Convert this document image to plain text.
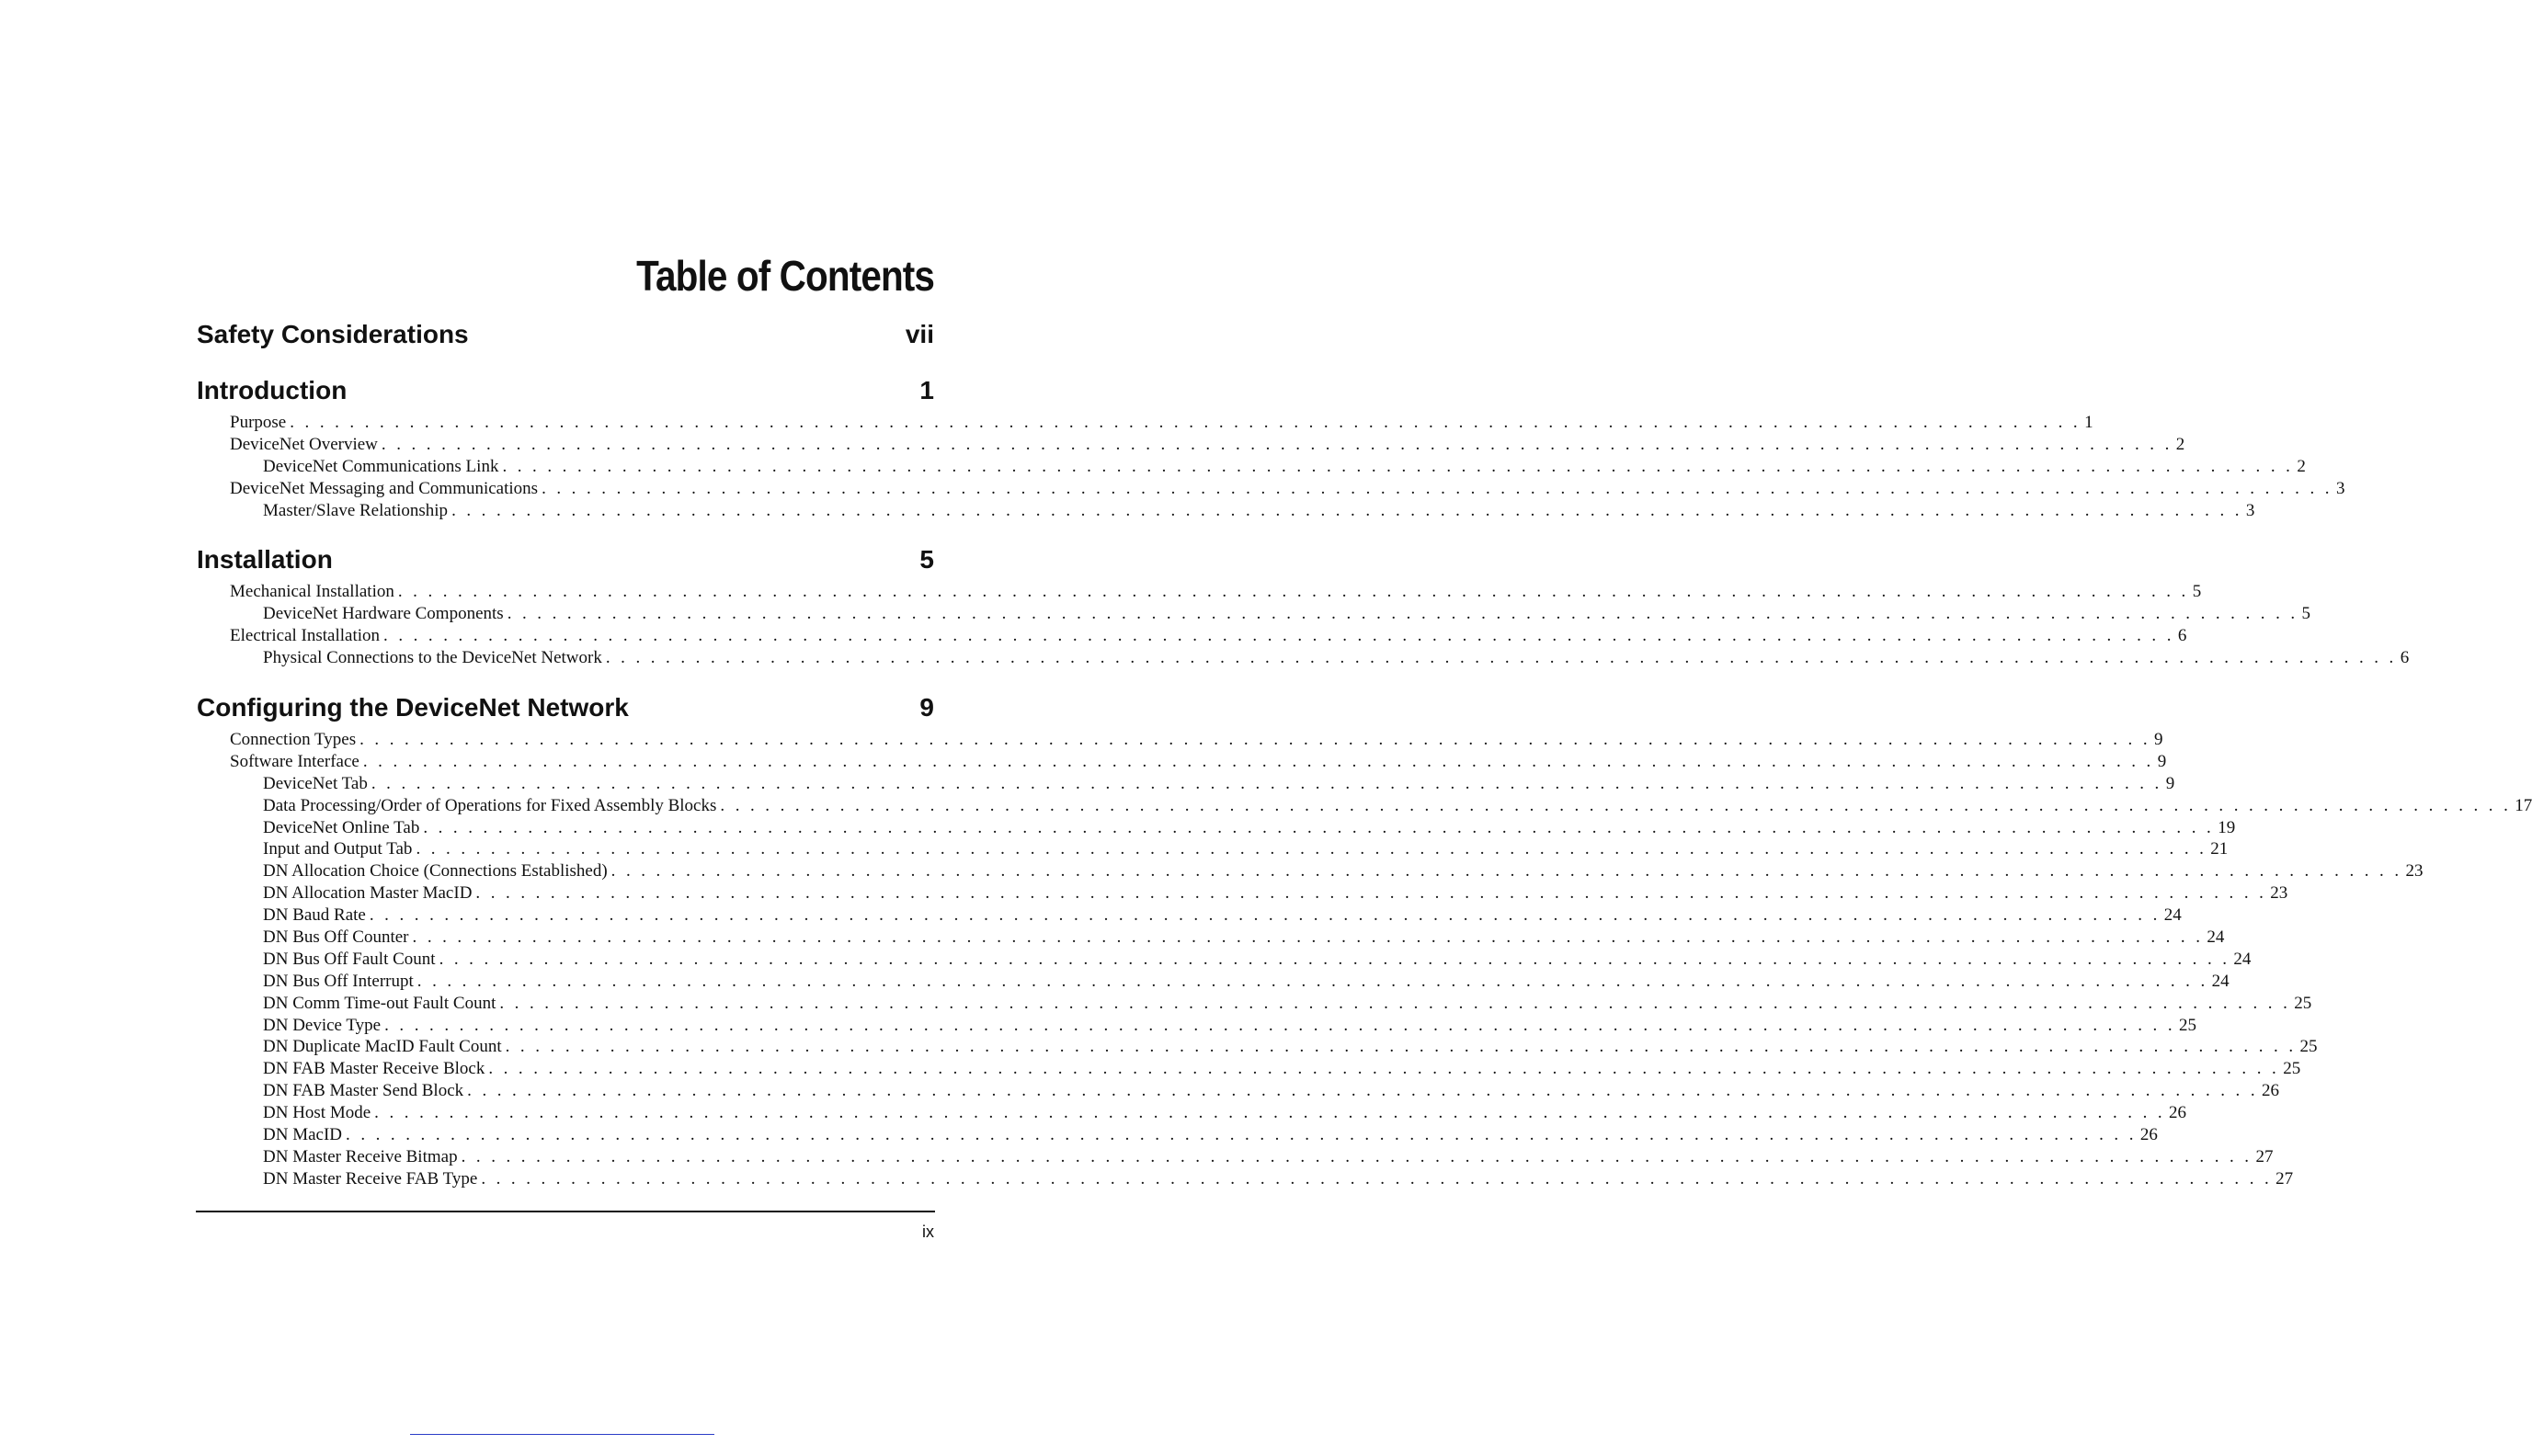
Table of Contents
Safety Considerations	vii
Introduction	1
Purpose . . . . . . . . . . . . . . . . . . . . . . . . . . . . . . . . . . . . . . . . . . . . . . . . . . . . . . . . . . . . . . . . . . . . . . . . . . . . . . . . . . . . . . . . . . . . . . . . . . . . . . . . . . . . . . . . . . . . . . . . 1
DeviceNet Overview . . . . . . . . . . . . . . . . . . . . . . . . . . . . . . . . . . . . . . . . . . . . . . . . . . . . . . . . . . . . . . . . . . . . . . . . . . . . . . . . . . . . . . . . . . . . . . . . . . . . . . . . . . . . . . . . . . . . . . . . 2
DeviceNet Communications Link . . . . . . . . . . . . . . . . . . . . . . . . . . . . . . . . . . . . . . . . . . . . . . . . . . . . . . . . . . . . . . . . . . . . . . . . . . . . . . . . . . . . . . . . . . . . . . . . . . . . . . . . . . . . . . . . . . . . . . . . 2
DeviceNet Messaging and Communications . . . . . . . . . . . . . . . . . . . . . . . . . . . . . . . . . . . . . . . . . . . . . . . . . . . . . . . . . . . . . . . . . . . . . . . . . . . . . . . . . . . . . . . . . . . . . . . . . . . . . . . . . . . . . . . . . . . . . . . . 3
Master/Slave Relationship . . . . . . . . . . . . . . . . . . . . . . . . . . . . . . . . . . . . . . . . . . . . . . . . . . . . . . . . . . . . . . . . . . . . . . . . . . . . . . . . . . . . . . . . . . . . . . . . . . . . . . . . . . . . . . . . . . . . . . . . 3
Installation	5
Mechanical Installation . . . . . . . . . . . . . . . . . . . . . . . . . . . . . . . . . . . . . . . . . . . . . . . . . . . . . . . . . . . . . . . . . . . . . . . . . . . . . . . . . . . . . . . . . . . . . . . . . . . . . . . . . . . . . . . . . . . . . . . . 5
DeviceNet Hardware Components . . . . . . . . . . . . . . . . . . . . . . . . . . . . . . . . . . . . . . . . . . . . . . . . . . . . . . . . . . . . . . . . . . . . . . . . . . . . . . . . . . . . . . . . . . . . . . . . . . . . . . . . . . . . . . . . . . . . . . . . 5
Electrical Installation . . . . . . . . . . . . . . . . . . . . . . . . . . . . . . . . . . . . . . . . . . . . . . . . . . . . . . . . . . . . . . . . . . . . . . . . . . . . . . . . . . . . . . . . . . . . . . . . . . . . . . . . . . . . . . . . . . . . . . . . 6
Physical Connections to the DeviceNet Network . . . . . . . . . . . . . . . . . . . . . . . . . . . . . . . . . . . . . . . . . . . . . . . . . . . . . . . . . . . . . . . . . . . . . . . . . . . . . . . . . . . . . . . . . . . . . . . . . . . . . . . . . . . . . . . . . . . . . . . . 6
Configuring the DeviceNet Network	9
Connection Types . . . . . . . . . . . . . . . . . . . . . . . . . . . . . . . . . . . . . . . . . . . . . . . . . . . . . . . . . . . . . . . . . . . . . . . . . . . . . . . . . . . . . . . . . . . . . . . . . . . . . . . . . . . . . . . . . . . . . . . . 9
Software Interface . . . . . . . . . . . . . . . . . . . . . . . . . . . . . . . . . . . . . . . . . . . . . . . . . . . . . . . . . . . . . . . . . . . . . . . . . . . . . . . . . . . . . . . . . . . . . . . . . . . . . . . . . . . . . . . . . . . . . . . . 9
DeviceNet Tab . . . . . . . . . . . . . . . . . . . . . . . . . . . . . . . . . . . . . . . . . . . . . . . . . . . . . . . . . . . . . . . . . . . . . . . . . . . . . . . . . . . . . . . . . . . . . . . . . . . . . . . . . . . . . . . . . . . . . . . . 9
Data Processing/Order of Operations for Fixed Assembly Blocks . . . . . . . . . . . . . . . . . . . . . . . . . . . . . . . . . . . . . . . . . . . . . . . . . . . . . . . . . . . . . . . . . . . . . . . . . . . . . . . . . . . . . . . . . . . . . . . . . . . . . . . . . . . . . . . . . . . . . . . . 17
DeviceNet Online Tab . . . . . . . . . . . . . . . . . . . . . . . . . . . . . . . . . . . . . . . . . . . . . . . . . . . . . . . . . . . . . . . . . . . . . . . . . . . . . . . . . . . . . . . . . . . . . . . . . . . . . . . . . . . . . . . . . . . . . . . . 19
Input and Output Tab . . . . . . . . . . . . . . . . . . . . . . . . . . . . . . . . . . . . . . . . . . . . . . . . . . . . . . . . . . . . . . . . . . . . . . . . . . . . . . . . . . . . . . . . . . . . . . . . . . . . . . . . . . . . . . . . . . . . . . . . 21
DN Allocation Choice (Connections Established) . . . . . . . . . . . . . . . . . . . . . . . . . . . . . . . . . . . . . . . . . . . . . . . . . . . . . . . . . . . . . . . . . . . . . . . . . . . . . . . . . . . . . . . . . . . . . . . . . . . . . . . . . . . . . . . . . . . . . . . . 23
DN Allocation Master MacID . . . . . . . . . . . . . . . . . . . . . . . . . . . . . . . . . . . . . . . . . . . . . . . . . . . . . . . . . . . . . . . . . . . . . . . . . . . . . . . . . . . . . . . . . . . . . . . . . . . . . . . . . . . . . . . . . . . . . . . . 23
DN Baud Rate . . . . . . . . . . . . . . . . . . . . . . . . . . . . . . . . . . . . . . . . . . . . . . . . . . . . . . . . . . . . . . . . . . . . . . . . . . . . . . . . . . . . . . . . . . . . . . . . . . . . . . . . . . . . . . . . . . . . . . . . 24
DN Bus Off Counter . . . . . . . . . . . . . . . . . . . . . . . . . . . . . . . . . . . . . . . . . . . . . . . . . . . . . . . . . . . . . . . . . . . . . . . . . . . . . . . . . . . . . . . . . . . . . . . . . . . . . . . . . . . . . . . . . . . . . . . . 24
DN Bus Off Fault Count . . . . . . . . . . . . . . . . . . . . . . . . . . . . . . . . . . . . . . . . . . . . . . . . . . . . . . . . . . . . . . . . . . . . . . . . . . . . . . . . . . . . . . . . . . . . . . . . . . . . . . . . . . . . . . . . . . . . . . . . 24
DN Bus Off Interrupt . . . . . . . . . . . . . . . . . . . . . . . . . . . . . . . . . . . . . . . . . . . . . . . . . . . . . . . . . . . . . . . . . . . . . . . . . . . . . . . . . . . . . . . . . . . . . . . . . . . . . . . . . . . . . . . . . . . . . . . . 24
DN Comm Time-out Fault Count . . . . . . . . . . . . . . . . . . . . . . . . . . . . . . . . . . . . . . . . . . . . . . . . . . . . . . . . . . . . . . . . . . . . . . . . . . . . . . . . . . . . . . . . . . . . . . . . . . . . . . . . . . . . . . . . . . . . . . . . 25
DN Device Type . . . . . . . . . . . . . . . . . . . . . . . . . . . . . . . . . . . . . . . . . . . . . . . . . . . . . . . . . . . . . . . . . . . . . . . . . . . . . . . . . . . . . . . . . . . . . . . . . . . . . . . . . . . . . . . . . . . . . . . . 25
DN Duplicate MacID Fault Count . . . . . . . . . . . . . . . . . . . . . . . . . . . . . . . . . . . . . . . . . . . . . . . . . . . . . . . . . . . . . . . . . . . . . . . . . . . . . . . . . . . . . . . . . . . . . . . . . . . . . . . . . . . . . . . . . . . . . . . . 25
DN FAB Master Receive Block . . . . . . . . . . . . . . . . . . . . . . . . . . . . . . . . . . . . . . . . . . . . . . . . . . . . . . . . . . . . . . . . . . . . . . . . . . . . . . . . . . . . . . . . . . . . . . . . . . . . . . . . . . . . . . . . . . . . . . . . 25
DN FAB Master Send Block . . . . . . . . . . . . . . . . . . . . . . . . . . . . . . . . . . . . . . . . . . . . . . . . . . . . . . . . . . . . . . . . . . . . . . . . . . . . . . . . . . . . . . . . . . . . . . . . . . . . . . . . . . . . . . . . . . . . . . . . 26
DN Host Mode . . . . . . . . . . . . . . . . . . . . . . . . . . . . . . . . . . . . . . . . . . . . . . . . . . . . . . . . . . . . . . . . . . . . . . . . . . . . . . . . . . . . . . . . . . . . . . . . . . . . . . . . . . . . . . . . . . . . . . . . 26
DN MacID . . . . . . . . . . . . . . . . . . . . . . . . . . . . . . . . . . . . . . . . . . . . . . . . . . . . . . . . . . . . . . . . . . . . . . . . . . . . . . . . . . . . . . . . . . . . . . . . . . . . . . . . . . . . . . . . . . . . . . . . 26
DN Master Receive Bitmap . . . . . . . . . . . . . . . . . . . . . . . . . . . . . . . . . . . . . . . . . . . . . . . . . . . . . . . . . . . . . . . . . . . . . . . . . . . . . . . . . . . . . . . . . . . . . . . . . . . . . . . . . . . . . . . . . . . . . . . . 27
DN Master Receive FAB Type . . . . . . . . . . . . . . . . . . . . . . . . . . . . . . . . . . . . . . . . . . . . . . . . . . . . . . . . . . . . . . . . . . . . . . . . . . . . . . . . . . . . . . . . . . . . . . . . . . . . . . . . . . . . . . . . . . . . . . . . 27
ix
